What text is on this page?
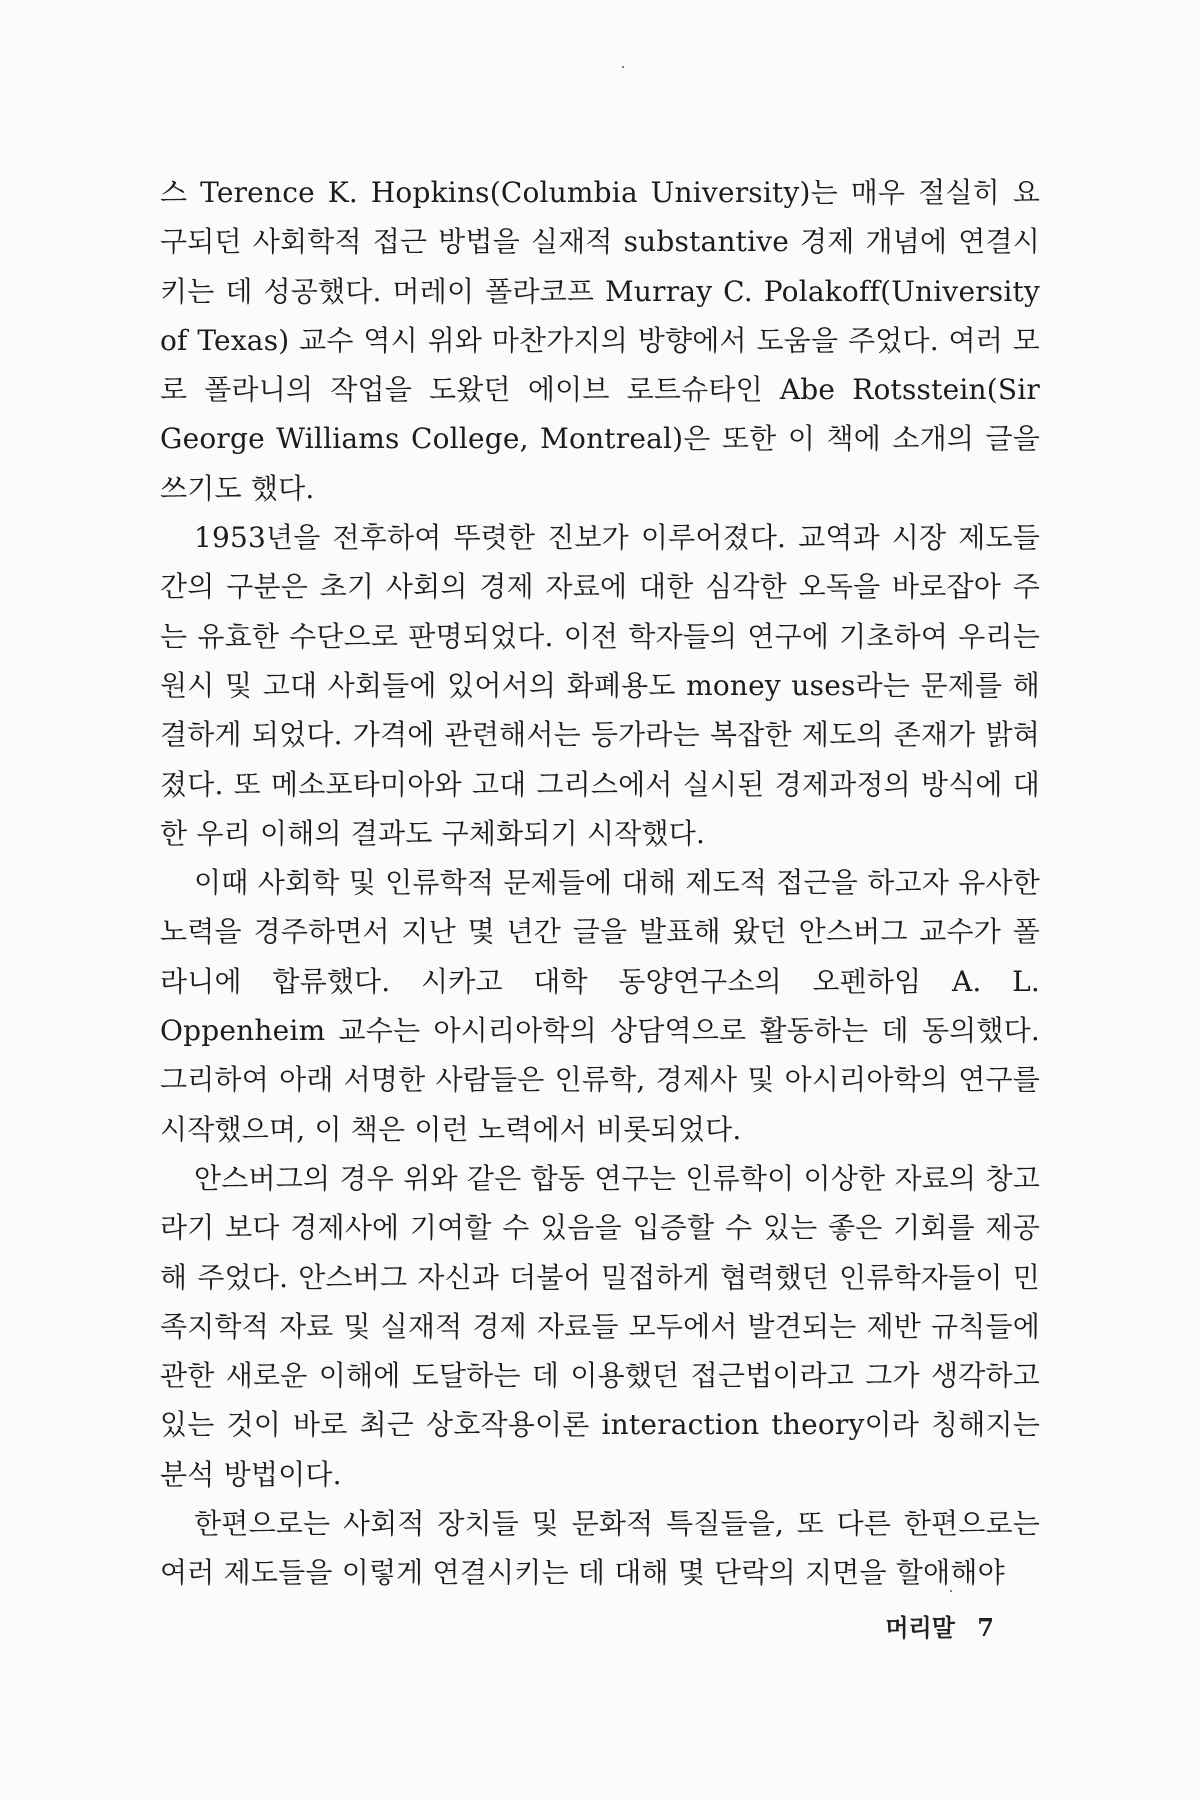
스 Terence K. Hopkins(Columbia University)는 매우 절실히 요구되던 사회학적 접근 방법을 실재적 substantive 경제 개념에 연결시키는 데 성공했다. 머레이 폴라코프 Murray C. Polakoff(University of Texas) 교수 역시 위와 마찬가지의 방향에서 도움을 주었다. 여러 모로 폴라니의 작업을 도왔던 에이브 로트슈타인 Abe Rotsstein(Sir George Williams College, Montreal)은 또한 이 책에 소개의 글을 쓰기도 했다.

1953년을 전후하여 뚜렷한 진보가 이루어졌다. 교역과 시장 제도들 간의 구분은 초기 사회의 경제 자료에 대한 심각한 오독을 바로잡아 주는 유효한 수단으로 판명되었다. 이전 학자들의 연구에 기초하여 우리는 원시 및 고대 사회들에 있어서의 화폐용도 money uses라는 문제를 해결하게 되었다. 가격에 관련해서는 등가라는 복잡한 제도의 존재가 밝혀졌다. 또 메소포타미아와 고대 그리스에서 실시된 경제과정의 방식에 대한 우리 이해의 결과도 구체화되기 시작했다.

이때 사회학 및 인류학적 문제들에 대해 제도적 접근을 하고자 유사한 노력을 경주하면서 지난 몇 년간 글을 발표해 왔던 안스버그 교수가 폴라니에 합류했다. 시카고 대학 동양연구소의 오펜하임 A. L. Oppenheim 교수는 아시리아학의 상담역으로 활동하는 데 동의했다. 그리하여 아래 서명한 사람들은 인류학, 경제사 및 아시리아학의 연구를 시작했으며, 이 책은 이런 노력에서 비롯되었다.

안스버그의 경우 위와 같은 합동 연구는 인류학이 이상한 자료의 창고라기 보다 경제사에 기여할 수 있음을 입증할 수 있는 좋은 기회를 제공해 주었다. 안스버그 자신과 더불어 밀접하게 협력했던 인류학자들이 민족지학적 자료 및 실재적 경제 자료들 모두에서 발견되는 제반 규칙들에 관한 새로운 이해에 도달하는 데 이용했던 접근법이라고 그가 생각하고 있는 것이 바로 최근 상호작용이론 interaction theory이라 칭해지는 분석 방법이다.

한편으로는 사회적 장치들 및 문화적 특질들을, 또 다른 한편으로는 여러 제도들을 이렇게 연결시키는 데 대해 몇 단락의 지면을 할애해야

머리말 7
